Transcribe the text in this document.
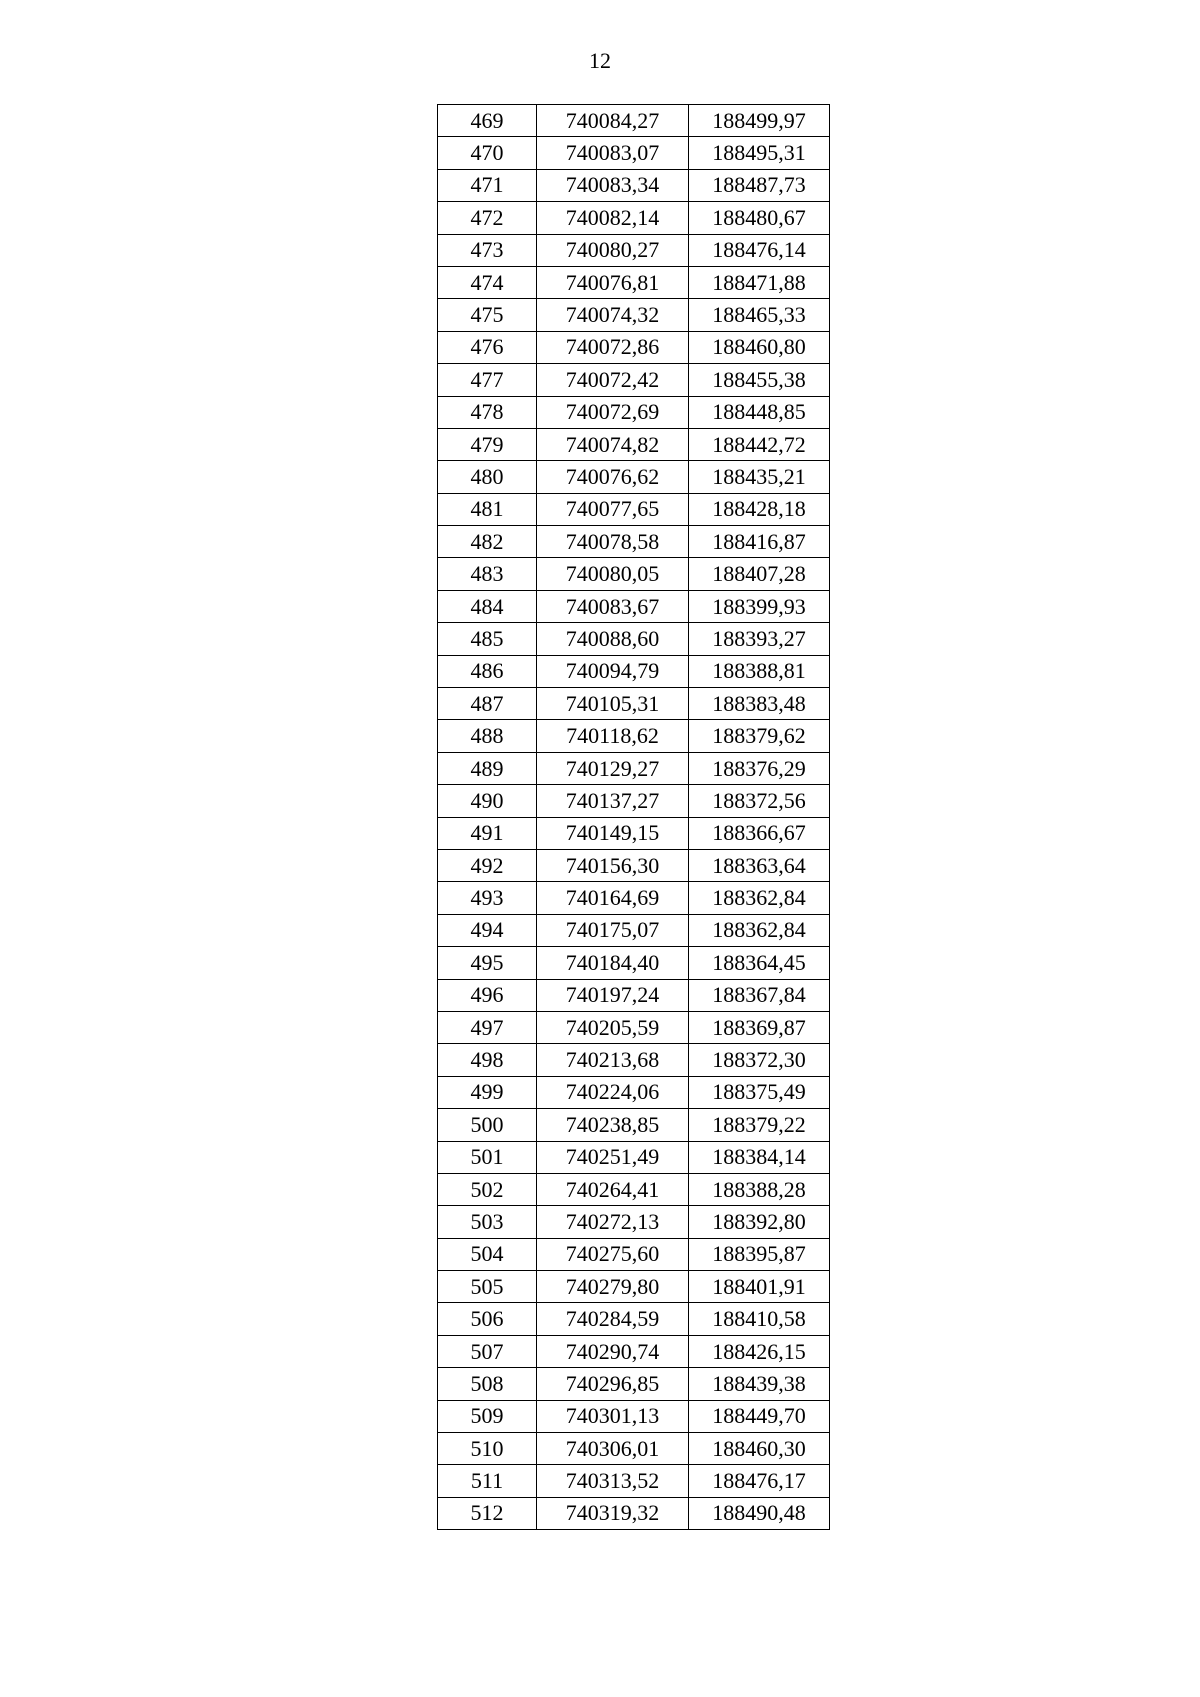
12
469	740084,27	188499,97
470	740083,07	188495,31
471	740083,34	188487,73
472	740082,14	188480,67
473	740080,27	188476,14
474	740076,81	188471,88
475	740074,32	188465,33
476	740072,86	188460,80
477	740072,42	188455,38
478	740072,69	188448,85
479	740074,82	188442,72
480	740076,62	188435,21
481	740077,65	188428,18
482	740078,58	188416,87
483	740080,05	188407,28
484	740083,67	188399,93
485	740088,60	188393,27
486	740094,79	188388,81
487	740105,31	188383,48
488	740118,62	188379,62
489	740129,27	188376,29
490	740137,27	188372,56
491	740149,15	188366,67
492	740156,30	188363,64
493	740164,69	188362,84
494	740175,07	188362,84
495	740184,40	188364,45
496	740197,24	188367,84
497	740205,59	188369,87
498	740213,68	188372,30
499	740224,06	188375,49
500	740238,85	188379,22
501	740251,49	188384,14
502	740264,41	188388,28
503	740272,13	188392,80
504	740275,60	188395,87
505	740279,80	188401,91
506	740284,59	188410,58
507	740290,74	188426,15
508	740296,85	188439,38
509	740301,13	188449,70
510	740306,01	188460,30
511	740313,52	188476,17
512	740319,32	188490,48
